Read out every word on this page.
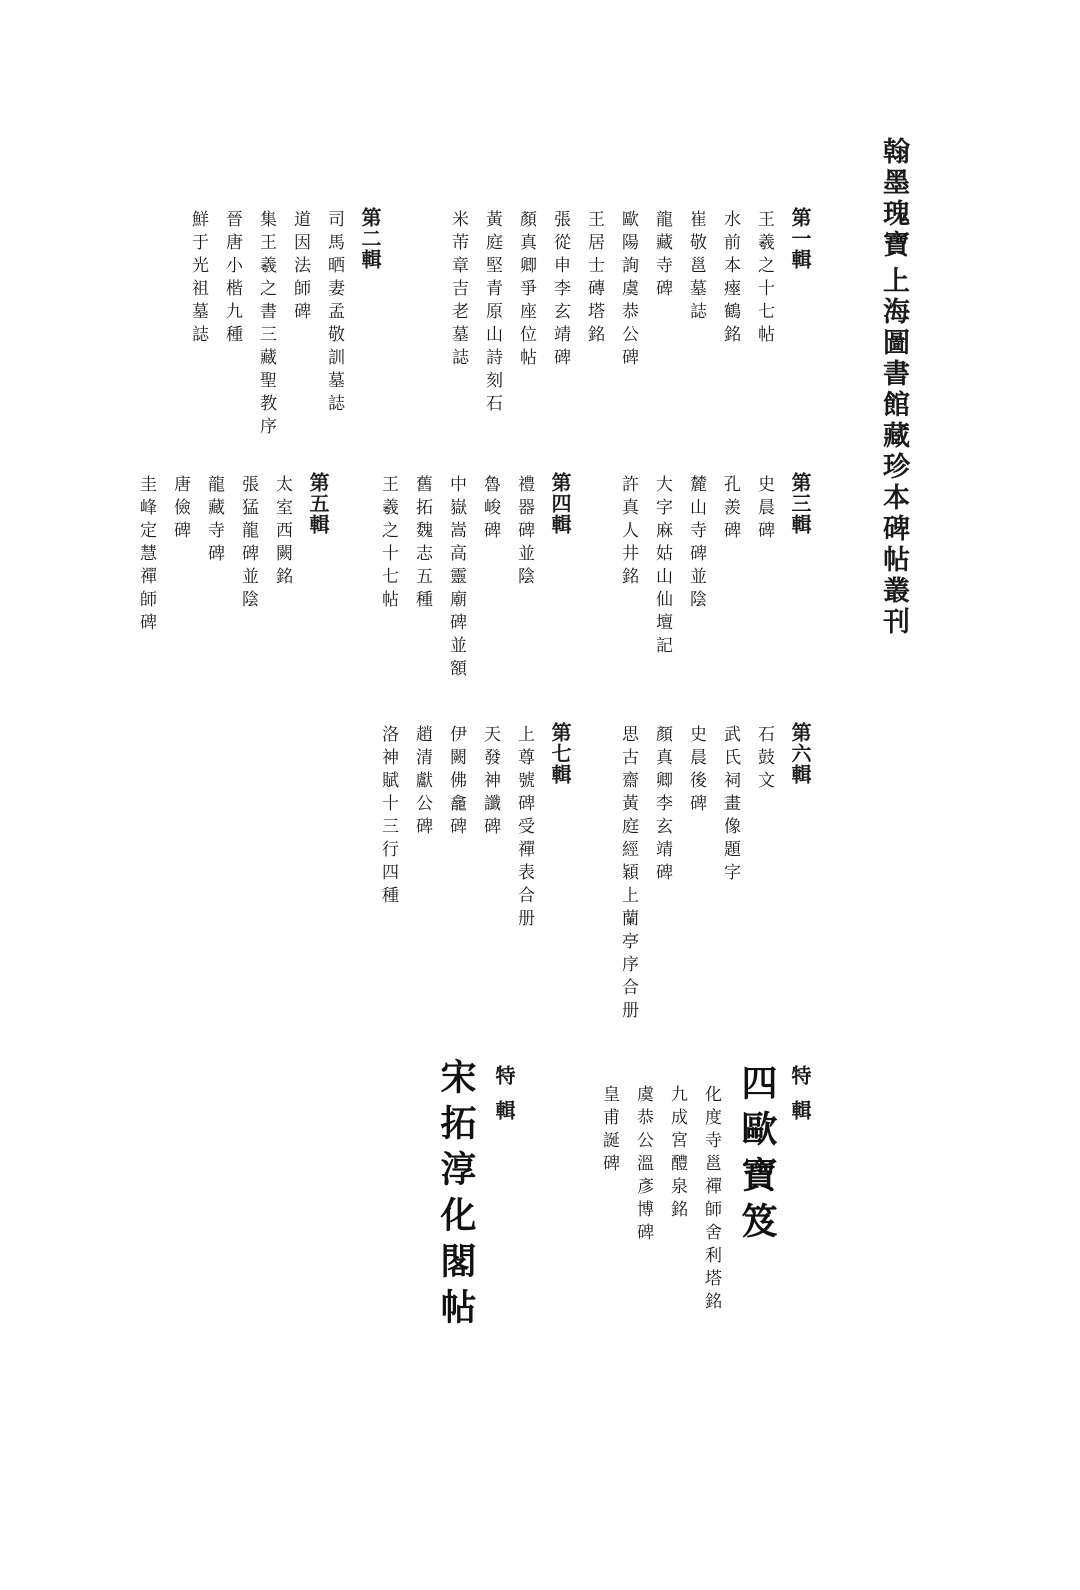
翰墨瑰寶
上海圖書館藏珍本碑帖叢刊
第一輯
王羲之十七帖
水前本瘞鶴銘
崔敬邕墓誌
龍藏寺碑
歐陽詢虞恭公碑
王居士磚塔銘
張從申李玄靖碑
顏真卿爭座位帖
黃庭堅青原山詩刻石
米芾章吉老墓誌
第二輯
司馬晒妻孟敬訓墓誌
道因法師碑
集王羲之書三藏聖教序
晉唐小楷九種
鮮于光祖墓誌
第三輯
史晨碑
孔羨碑
麓山寺碑並陰
大字麻姑山仙壇記
許真人井銘
第四輯
禮器碑並陰
魯峻碑
中嶽嵩高靈廟碑並額
舊拓魏志五種
王羲之十七帖
第五輯
太室西闕銘
張猛龍碑並陰
龍藏寺碑
唐儉碑
圭峰定慧禪師碑
第六輯
石鼓文
武氏祠畫像題字
史晨後碑
顏真卿李玄靖碑
思古齋黃庭經穎上蘭亭序合册
第七輯
上尊號碑受禪表合册
天發神讖碑
伊闕佛龕碑
趙清獻公碑
洛神賦十三行四種
特
輯
四歐寶笈
化度寺邕禪師舍利塔銘
九成宮醴泉銘
虞恭公溫彥博碑
皇甫誕碑
特
輯
宋拓淳化閣帖
